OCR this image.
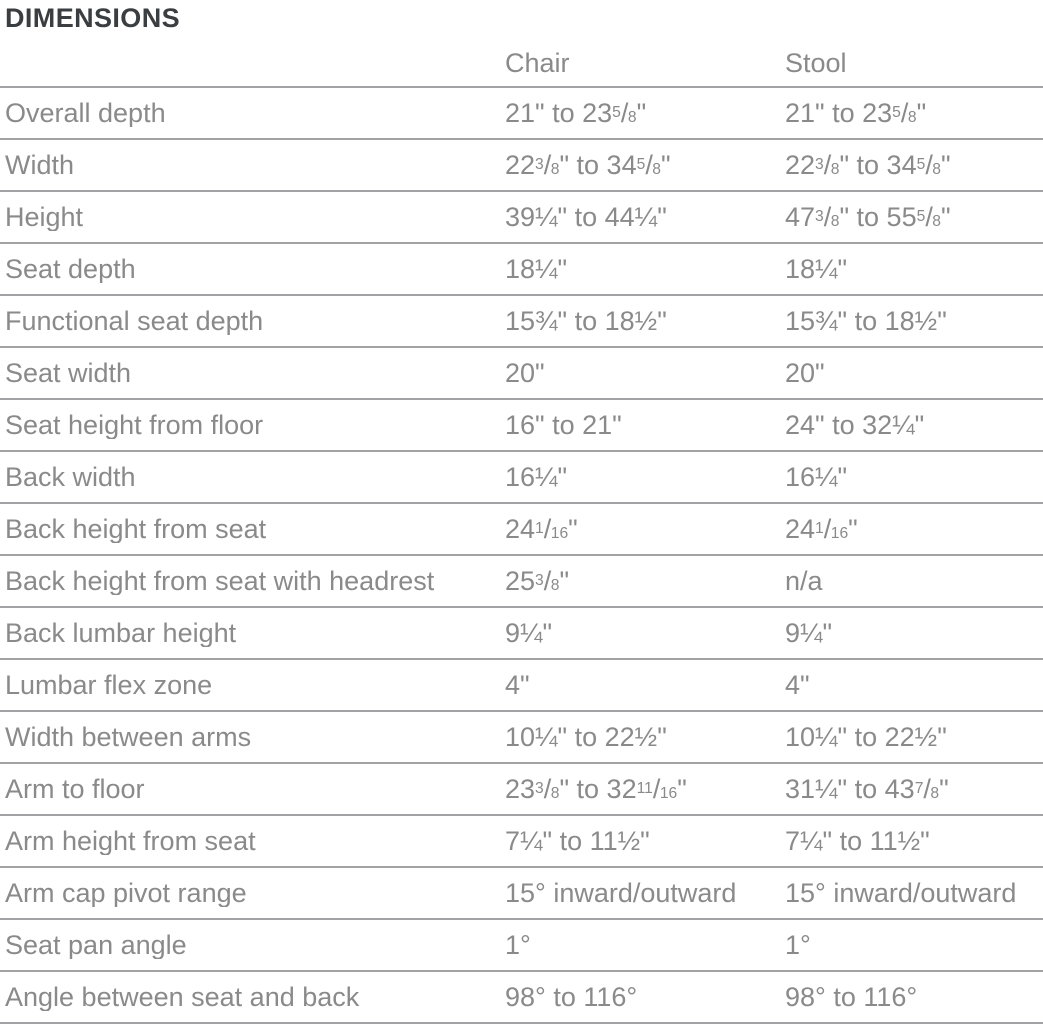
DIMENSIONS
Chair	Stool
Overall depth	21" to 235/8"	21" to 235/8"
Width	223/8" to 345/8"	223/8" to 345/8"
Height	39¼" to 44¼"	473/8" to 555/8"
Seat depth	18¼"	18¼"
Functional seat depth	15¾" to 18½"	15¾" to 18½"
Seat width	20"	20"
Seat height from floor	16" to 21"	24" to 32¼"
Back width	16¼"	16¼"
Back height from seat	241/16"	241/16"
Back height from seat with headrest	253/8"	n/a
Back lumbar height	9¼"	9¼"
Lumbar flex zone	4"	4"
Width between arms	10¼" to 22½"	10¼" to 22½"
Arm to floor	233/8" to 3211/16"	31¼" to 437/8"
Arm height from seat	7¼" to 11½"	7¼" to 11½"
Arm cap pivot range	15° inward/outward	15° inward/outward
Seat pan angle	1°	1°
Angle between seat and back	98° to 116°	98° to 116°
